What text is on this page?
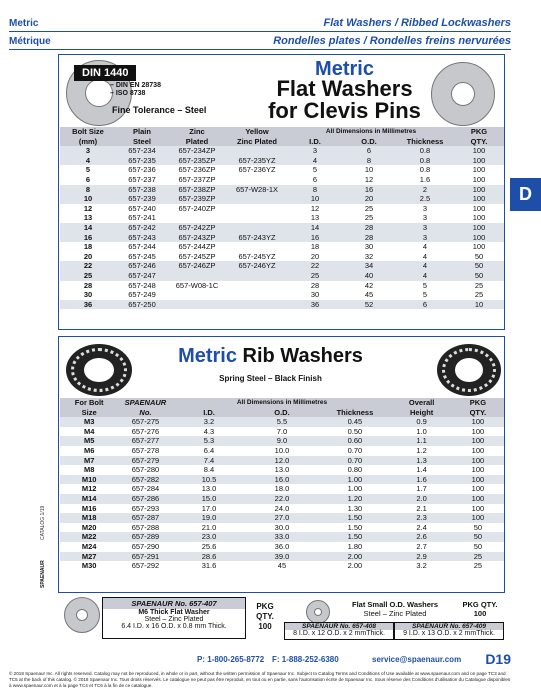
Metric
Métrique
Flat Washers / Ribbed Lockwashers
Rondelles plates / Rondelles freins nervurées
D
DIN 1440
– DIN EN 28738
– ISO 8738
Fine Tolerance – Steel
Metric
Flat Washers
for Clevis Pins
Bolt Size	Plain	Zinc	Yellow	All Dimensions in Millimetres			PKG
(mm)	Steel	Plated	Zinc Plated	I.D.	O.D.	Thickness	QTY.
3	657-234	657-234ZP		3	6	0.8	100
4	657-235	657-235ZP	657-235YZ	4	8	0.8	100
5	657-236	657-236ZP	657-236YZ	5	10	0.8	100
6	657-237	657-237ZP		6	12	1.6	100
8	657-238	657-238ZP	657-W28-1X	8	16	2	100
10	657-239	657-239ZP		10	20	2.5	100
12	657-240	657-240ZP		12	25	3	100
13	657-241			13	25	3	100
14	657-242	657-242ZP		14	28	3	100
16	657-243	657-243ZP	657-243YZ	16	28	3	100
18	657-244	657-244ZP		18	30	4	100
20	657-245	657-245ZP	657-245YZ	20	32	4	50
22	657-246	657-246ZP	657-246YZ	22	34	4	50
25	657-247			25	40	4	50
28	657-248	657-W08-1C		28	42	5	25
30	657-249			30	45	5	25
36	657-250			36	52	6	10
Metric Rib Washers
Spring Steel – Black Finish
For Bolt	SPAENAUR	All Dimensions in Millimetres			Overall	PKG
Size	No.	I.D.	O.D.	Thickness	Height	QTY.
M3	657-275	3.2	5.5	0.45	0.9	100
M4	657-276	4.3	7.0	0.50	1.0	100
M5	657-277	5.3	9.0	0.60	1.1	100
M6	657-278	6.4	10.0	0.70	1.2	100
M7	657-279	7.4	12.0	0.70	1.3	100
M8	657-280	8.4	13.0	0.80	1.4	100
M10	657-282	10.5	16.0	1.00	1.6	100
M12	657-284	13.0	18.0	1.00	1.7	100
M14	657-286	15.0	22.0	1.20	2.0	100
M16	657-293	17.0	24.0	1.30	2.1	100
M18	657-287	19.0	27.0	1.50	2.3	100
M20	657-288	21.0	30.0	1.50	2.4	50
M22	657-289	23.0	33.0	1.50	2.6	50
M24	657-290	25.6	36.0	1.80	2.7	50
M27	657-291	28.6	39.0	2.00	2.9	25
M30	657-292	31.6	45	2.00	3.2	25
SPAENAUR No. 657-407
M6 Thick Flat Washer
Steel – Zinc Plated
6.4 I.D. x 16 O.D. x 0.8 mm Thick.
PKG
QTY.
100
Flat Small O.D. Washers
Steel – Zinc Plated
PKG QTY.
100
SPAENAUR No. 657-408
8 I.D. x 12 O.D. x 2 mmThick.
SPAENAUR No. 657-409
9 I.D. x 13 O.D. x 2 mmThick.
CATALOG 1/19
SPAENAUR
P: 1-800-265-8772 F: 1-888-252-6380	service@spaenaur.com D19
© 2018 Spaenaur Inc. All rights reserved. Catalog may not be reproduced, in whole or in part, without the written permission of Spaenaur Inc. Subject to Catalog Terms and Conditions of Use available at www.spaenaur.com and on page TC3 and TC5 at the back of this catalog. © 2018 Spaenaur Inc. Tous droits réservés. Le catalogue ne peut pas être reproduit, en tout ou en partie, sans l'autorisation écrite de Spaenaur Inc. Sous réserve des Conditions d'utilisation du Catalogue disponibles à www.spaenaur.com et à la page TC4 et TC6 à la fin de ce catalogue.
